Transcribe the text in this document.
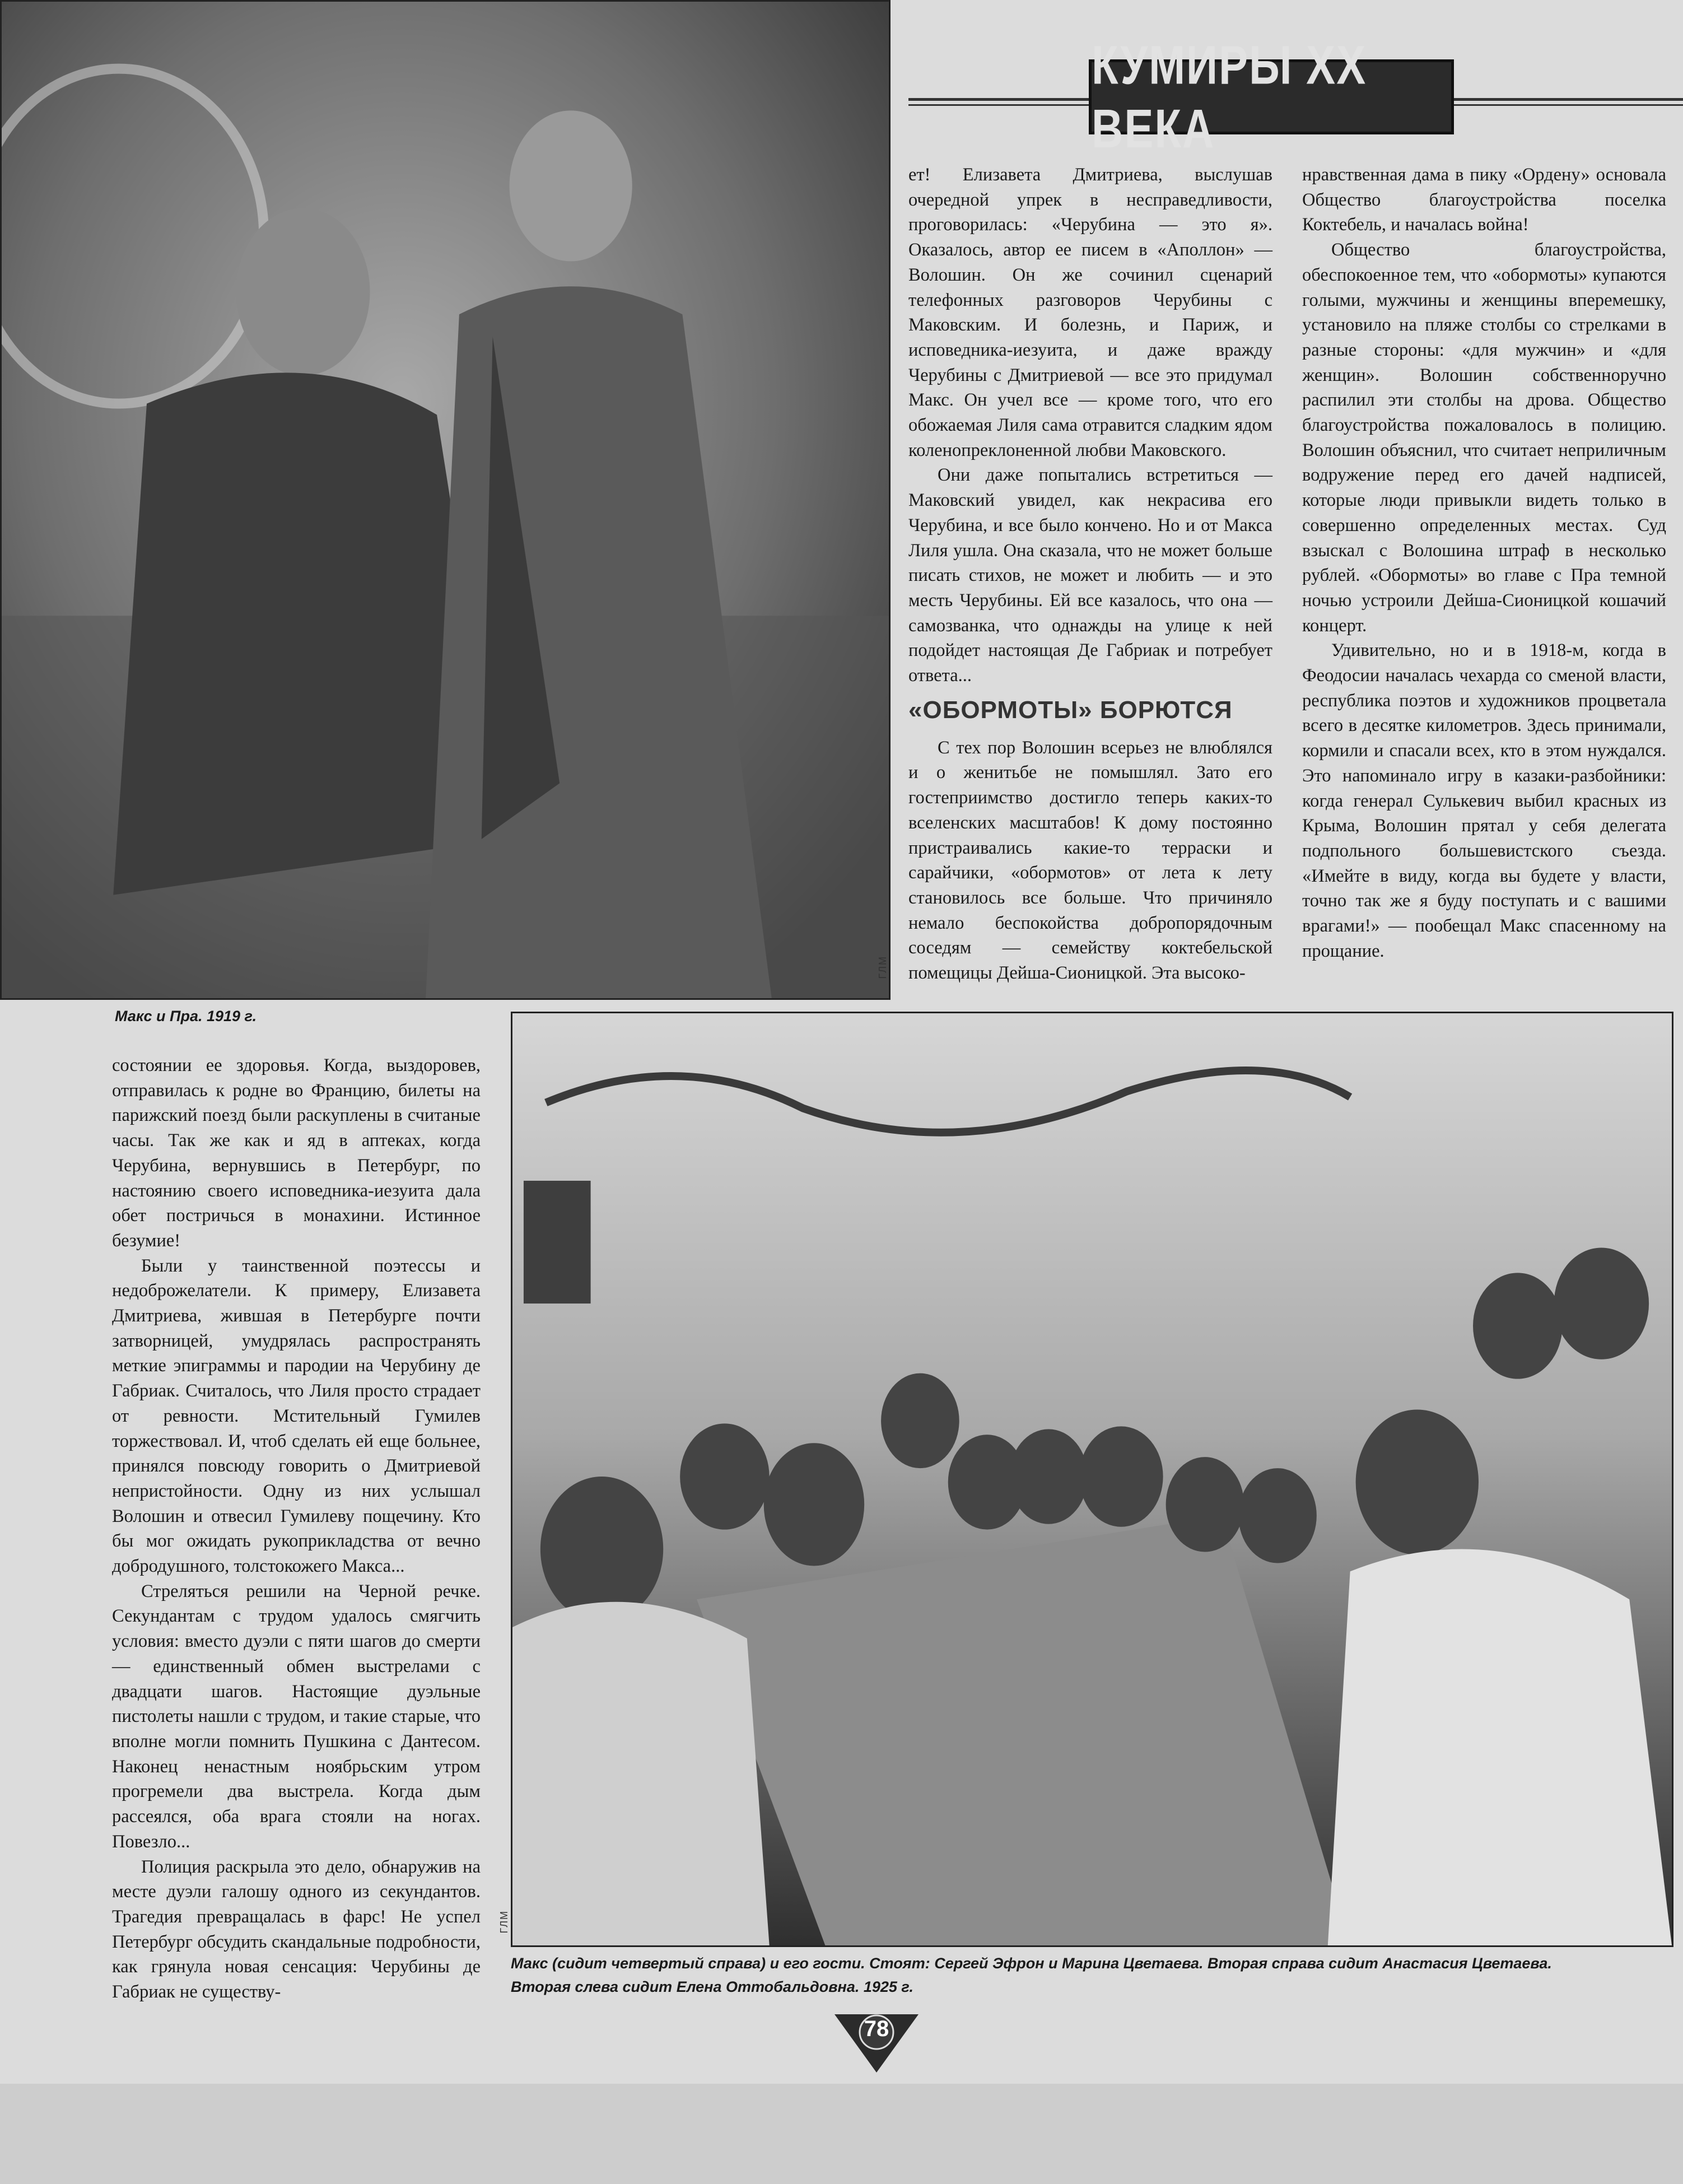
КУМИРЫ XX ВЕКА
ГЛМ
Макс и Пра. 1919 г.

ет! Елизавета Дмитриева, выслушав очередной упрек в несправедливости, проговорилась: «Черубина — это я». Оказалось, автор ее писем в «Аполлон» — Волошин. Он же сочинил сценарий телефонных разговоров Черубины с Маковским. И болезнь, и Париж, и исповедника-иезуита, и даже вражду Черубины с Дмитриевой — все это придумал Макс. Он учел все — кроме того, что его обожаемая Лиля сама отравится сладким ядом коленопреклоненной любви Маковского.

Они даже попытались встретиться — Маковский увидел, как некрасива его Черубина, и все было кончено. Но и от Макса Лиля ушла. Она сказала, что не может больше писать стихов, не может и любить — и это месть Черубины. Ей все казалось, что она — самозванка, что однажды на улице к ней подойдет настоящая Де Габриак и потребует ответа...

«ОБОРМОТЫ» БОРЮТСЯ

С тех пор Волошин всерьез не влюблялся и о женитьбе не помышлял. Зато его гостеприимство достигло теперь каких-то вселенских масштабов! К дому постоянно пристраивались какие-то терраски и сарайчики, «обормотов» от лета к лету становилось все больше. Что причиняло немало беспокойства добропорядочным соседям — семейству коктебельской помещицы Дейша-Сионицкой. Эта высоко-

нравственная дама в пику «Ордену» основала Общество благоустройства поселка Коктебель, и началась война!

Общество благоустройства, обеспокоенное тем, что «обормоты» купаются голыми, мужчины и женщины вперемешку, установило на пляже столбы со стрелками в разные стороны: «для мужчин» и «для женщин». Волошин собственноручно распилил эти столбы на дрова. Общество благоустройства пожаловалось в полицию. Волошин объяснил, что считает неприличным водружение перед его дачей надписей, которые люди привыкли видеть только в совершенно определенных местах. Суд взыскал с Волошина штраф в несколько рублей. «Обормоты» во главе с Пра темной ночью устроили Дейша-Сионицкой кошачий концерт.

Удивительно, но и в 1918-м, когда в Феодосии началась чехарда со сменой власти, республика поэтов и художников процветала всего в десятке километров. Здесь принимали, кормили и спасали всех, кто в этом нуждался. Это напоминало игру в казаки-разбойники: когда генерал Сулькевич выбил красных из Крыма, Волошин прятал у себя делегата подпольного большевистского съезда. «Имейте в виду, когда вы будете у власти, точно так же я буду поступать и с вашими врагами!» — пообещал Макс спасенному на прощание.

состоянии ее здоровья. Когда, выздоровев, отправилась к родне во Францию, билеты на парижский поезд были раскуплены в считаные часы. Так же как и яд в аптеках, когда Черубина, вернувшись в Петербург, по настоянию своего исповедника-иезуита дала обет постричься в монахини. Истинное безумие!

Были у таинственной поэтессы и недоброжелатели. К примеру, Елизавета Дмитриева, жившая в Петербурге почти затворницей, умудрялась распространять меткие эпиграммы и пародии на Черубину де Габриак. Считалось, что Лиля просто страдает от ревности. Мстительный Гумилев торжествовал. И, чтоб сделать ей еще больнее, принялся повсюду говорить о Дмитриевой непристойности. Одну из них услышал Волошин и отвесил Гумилеву пощечину. Кто бы мог ожидать рукоприкладства от вечно добродушного, толстокожего Макса...

Стреляться решили на Черной речке. Секундантам с трудом удалось смягчить условия: вместо дуэли с пяти шагов до смерти — единственный обмен выстрелами с двадцати шагов. Настоящие дуэльные пистолеты нашли с трудом, и такие старые, что вполне могли помнить Пушкина с Дантесом. Наконец ненастным ноябрьским утром прогремели два выстрела. Когда дым рассеялся, оба врага стояли на ногах. Повезло...

Полиция раскрыла это дело, обнаружив на месте дуэли галошу одного из секундантов. Трагедия превращалась в фарс! Не успел Петербург обсудить скандальные подробности, как грянула новая сенсация: Черубины де Габриак не существу-

ГЛМ
Макс (сидит четвертый справа) и его гости. Стоят: Сергей Эфрон и Марина Цветаева. Вторая справа сидит Анастасия Цветаева.
Вторая слева сидит Елена Оттобальдовна. 1925 г.
78
